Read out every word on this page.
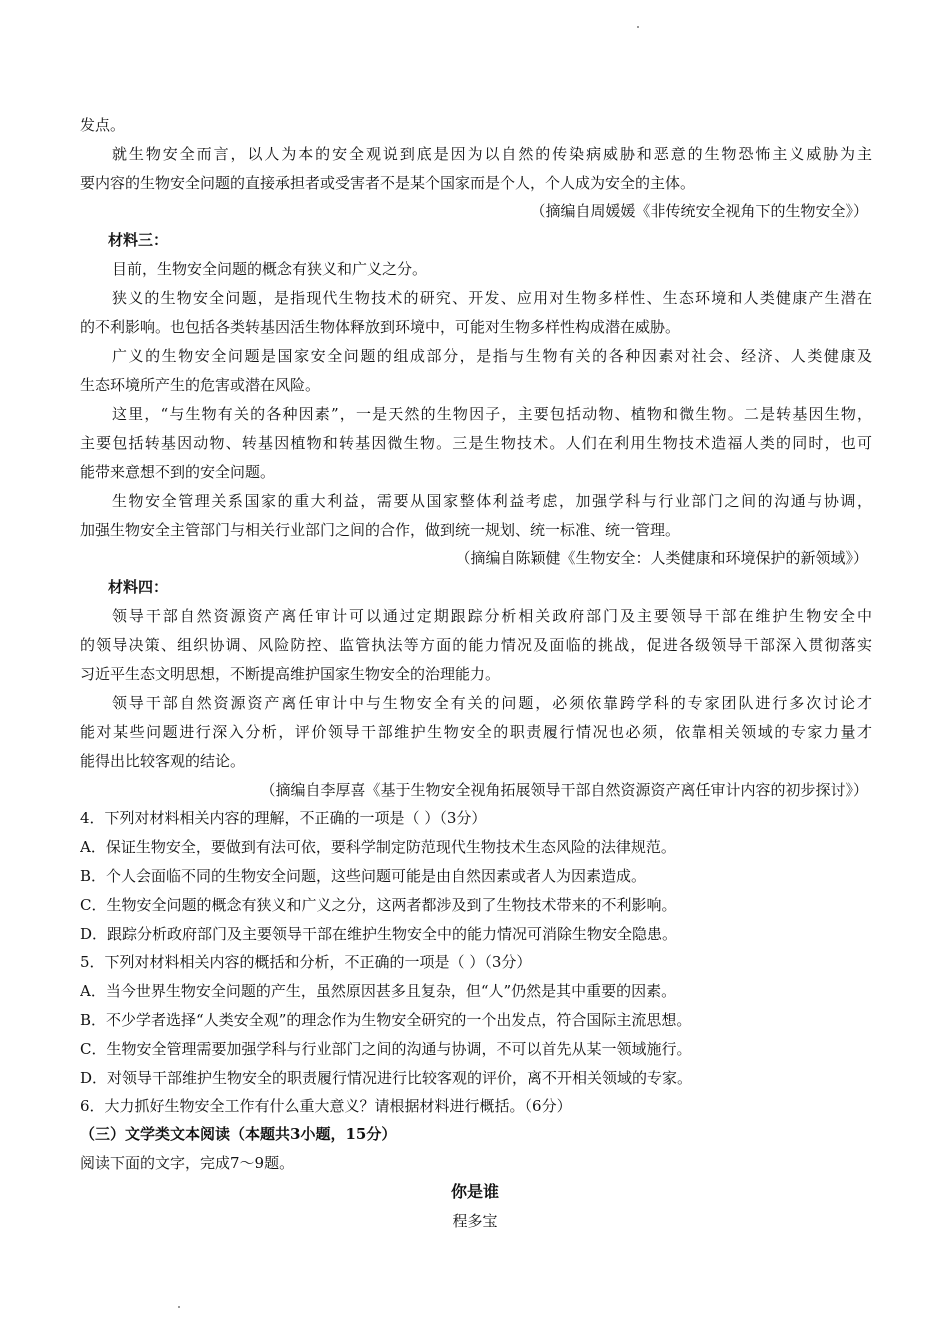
发点。
就生物安全而言，以人为本的安全观说到底是因为以自然的传染病威胁和恶意的生物恐怖主义威胁为主
要内容的生物安全问题的直接承担者或受害者不是某个国家而是个人，个人成为安全的主体。
（摘编自周媛媛《非传统安全视角下的生物安全》）
材料三：
目前，生物安全问题的概念有狭义和广义之分。
狭义的生物安全问题，是指现代生物技术的研究、开发、应用对生物多样性、生态环境和人类健康产生潜在
的不利影响。也包括各类转基因活生物体释放到环境中，可能对生物多样性构成潜在威胁。
广义的生物安全问题是国家安全问题的组成部分，是指与生物有关的各种因素对社会、经济、人类健康及
生态环境所产生的危害或潜在风险。
这里，“与生物有关的各种因素”，一是天然的生物因子，主要包括动物、植物和微生物。二是转基因生物，
主要包括转基因动物、转基因植物和转基因微生物。三是生物技术。人们在利用生物技术造福人类的同时，也可
能带来意想不到的安全问题。
生物安全管理关系国家的重大利益，需要从国家整体利益考虑，加强学科与行业部门之间的沟通与协调，
加强生物安全主管部门与相关行业部门之间的合作，做到统一规划、统一标准、统一管理。
（摘编自陈颖健《生物安全：人类健康和环境保护的新领域》）
材料四：
领导干部自然资源资产离任审计可以通过定期跟踪分析相关政府部门及主要领导干部在维护生物安全中
的领导决策、组织协调、风险防控、监管执法等方面的能力情况及面临的挑战，促进各级领导干部深入贯彻落实
习近平生态文明思想，不断提高维护国家生物安全的治理能力。
领导干部自然资源资产离任审计中与生物安全有关的问题，必须依靠跨学科的专家团队进行多次讨论才
能对某些问题进行深入分析，评价领导干部维护生物安全的职责履行情况也必须，依靠相关领域的专家力量才
能得出比较客观的结论。
（摘编自李厚喜《基于生物安全视角拓展领导干部自然资源资产离任审计内容的初步探讨》）
4．下列对材料相关内容的理解，不正确的一项是（ ）（3分）
A．保证生物安全，要做到有法可依，要科学制定防范现代生物技术生态风险的法律规范。
B．个人会面临不同的生物安全问题，这些问题可能是由自然因素或者人为因素造成。
C．生物安全问题的概念有狭义和广义之分，这两者都涉及到了生物技术带来的不利影响。
D．跟踪分析政府部门及主要领导干部在维护生物安全中的能力情况可消除生物安全隐患。
5．下列对材料相关内容的概括和分析，不正确的一项是（ ）（3分）
A．当今世界生物安全问题的产生，虽然原因甚多且复杂，但“人”仍然是其中重要的因素。
B．不少学者选择“人类安全观”的理念作为生物安全研究的一个出发点，符合国际主流思想。
C．生物安全管理需要加强学科与行业部门之间的沟通与协调，不可以首先从某一领域施行。
D．对领导干部维护生物安全的职责履行情况进行比较客观的评价，离不开相关领域的专家。
6．大力抓好生物安全工作有什么重大意义？请根据材料进行概括。（6分）
（三）文学类文本阅读（本题共3小题，15分）
阅读下面的文字，完成7～9题。
你是谁
程多宝
